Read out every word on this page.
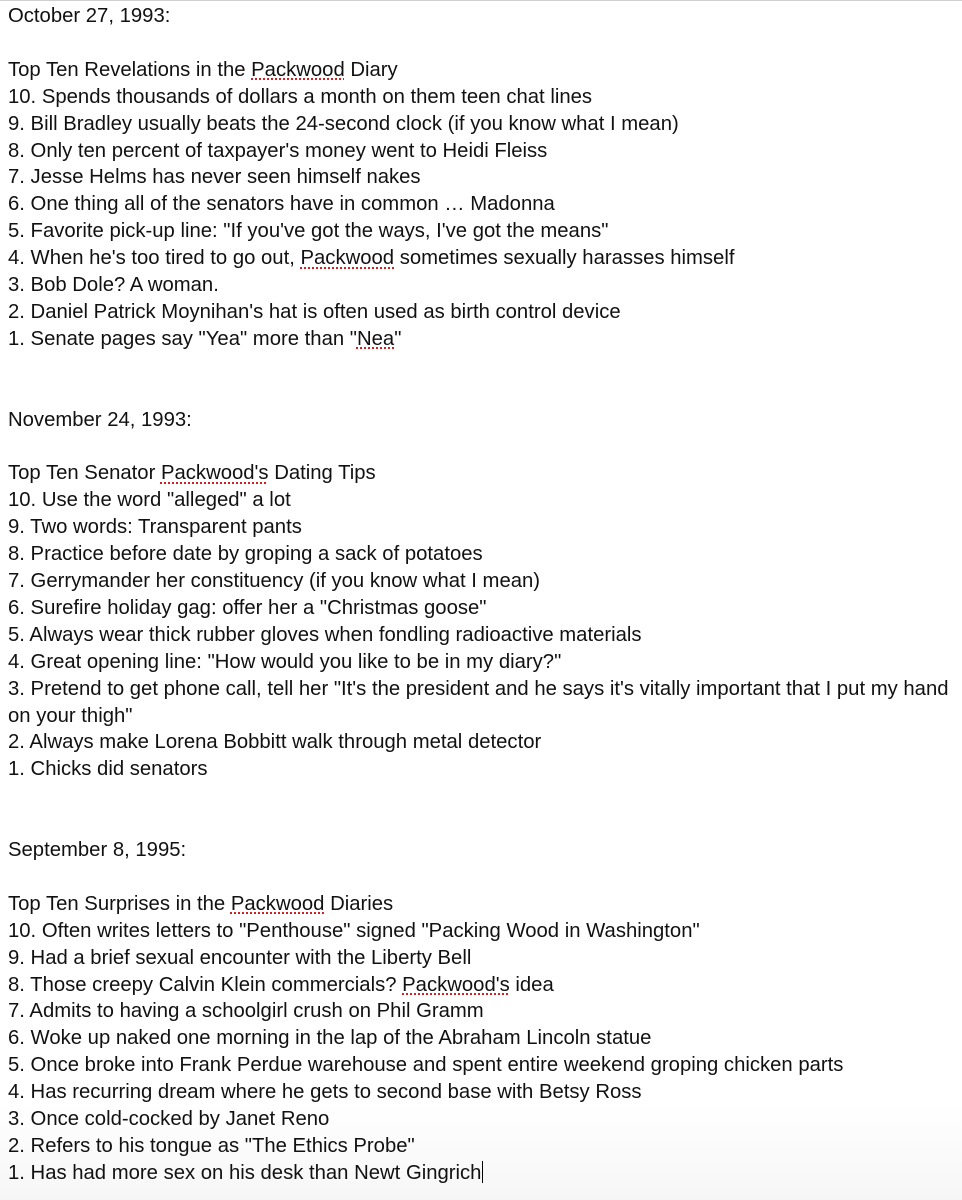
October 27, 1993:
Top Ten Revelations in the Packwood Diary
10. Spends thousands of dollars a month on them teen chat lines
9. Bill Bradley usually beats the 24-second clock (if you know what I mean)
8. Only ten percent of taxpayer's money went to Heidi Fleiss
7. Jesse Helms has never seen himself nakes
6. One thing all of the senators have in common … Madonna
5. Favorite pick-up line: "If you've got the ways, I've got the means"
4. When he's too tired to go out, Packwood sometimes sexually harasses himself
3. Bob Dole? A woman.
2. Daniel Patrick Moynihan's hat is often used as birth control device
1. Senate pages say "Yea" more than "Nea"
November 24, 1993:
Top Ten Senator Packwood's Dating Tips
10. Use the word "alleged" a lot
9. Two words: Transparent pants
8. Practice before date by groping a sack of potatoes
7. Gerrymander her constituency (if you know what I mean)
6. Surefire holiday gag: offer her a "Christmas goose"
5. Always wear thick rubber gloves when fondling radioactive materials
4. Great opening line: "How would you like to be in my diary?"
3. Pretend to get phone call, tell her "It's the president and he says it's vitally important that I put my hand on your thigh"
2. Always make Lorena Bobbitt walk through metal detector
1. Chicks did senators
September 8, 1995:
Top Ten Surprises in the Packwood Diaries
10. Often writes letters to "Penthouse" signed "Packing Wood in Washington"
9. Had a brief sexual encounter with the Liberty Bell
8. Those creepy Calvin Klein commercials? Packwood's idea
7. Admits to having a schoolgirl crush on Phil Gramm
6. Woke up naked one morning in the lap of the Abraham Lincoln statue
5. Once broke into Frank Perdue warehouse and spent entire weekend groping chicken parts
4. Has recurring dream where he gets to second base with Betsy Ross
3. Once cold-cocked by Janet Reno
2. Refers to his tongue as "The Ethics Probe"
1. Has had more sex on his desk than Newt Gingrich
